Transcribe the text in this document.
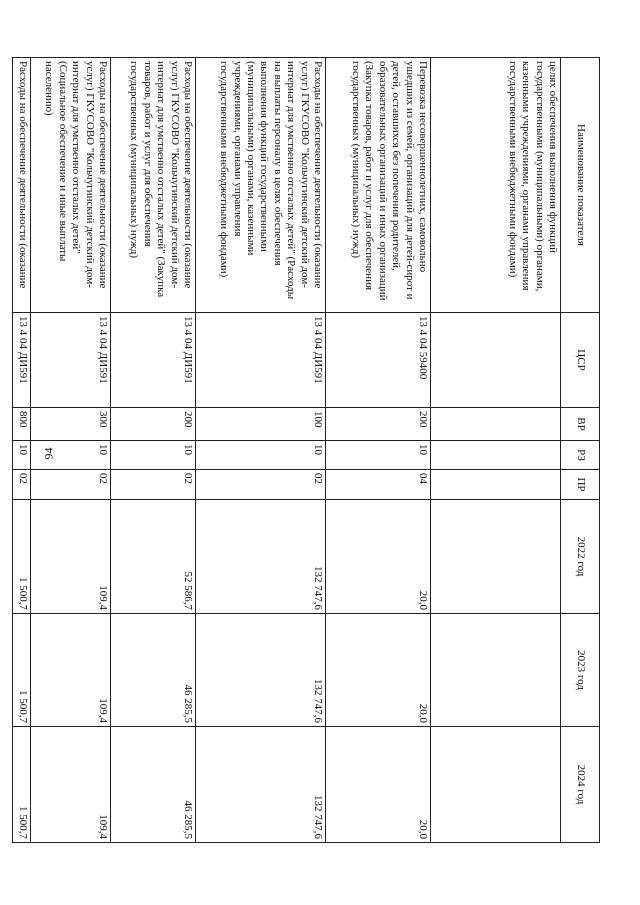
94
Наименование показателя	ЦСР	ВР	РЗ	ПР	2022 год	2023 год	2024 год
целях обеспечения выполнения функций государственными (муниципальными) органами, казенными учреждениями, органами управления государственными внебюджетными фондами)							
Перевозка несовершеннолетних, самовольно ушедших из семей, организаций для детей-сирот и детей, оставшихся без попечения родителей, образовательных организаций и иных организаций (Закупка товаров, работ и услуг для обеспечения государственных (муниципальных) нужд)	13 4 04 59400	200	10	04	20,0	20,0	20,0
Расходы на обеспечение деятельности (оказание услуг) ГКУСОВО "Кольчугинский детский дом-интернат для умственно отсталых детей" (Расходы на выплаты персоналу в целях обеспечения выполнения функций государственными (муниципальными) органами, казенными учреждениями, органами управления государственными внебюджетными фондами)	13 4 04 ДИ591	100	10	02	132 747,6	132 747,6	132 747,6
Расходы на обеспечение деятельности (оказание услуг) ГКУСОВО "Кольчугинский детский дом-интернат для умственно отсталых детей" (Закупка товаров, работ и услуг для обеспечения государственных (муниципальных) нужд)	13 4 04 ДИ591	200	10	02	52 586,7	46 285,5	46 285,5
Расходы на обеспечение деятельности (оказание услуг) ГКУСОВО "Кольчугинский детский дом-интернат для умственно отсталых детей" (Социальное обеспечение и иные выплаты населению)	13 4 04 ДИ591	300	10	02	109,4	109,4	109,4
Расходы на обеспечение деятельности (оказание	13 4 04 ДИ591	800	10	02	1 500,7	1 500,7	1 500,7
